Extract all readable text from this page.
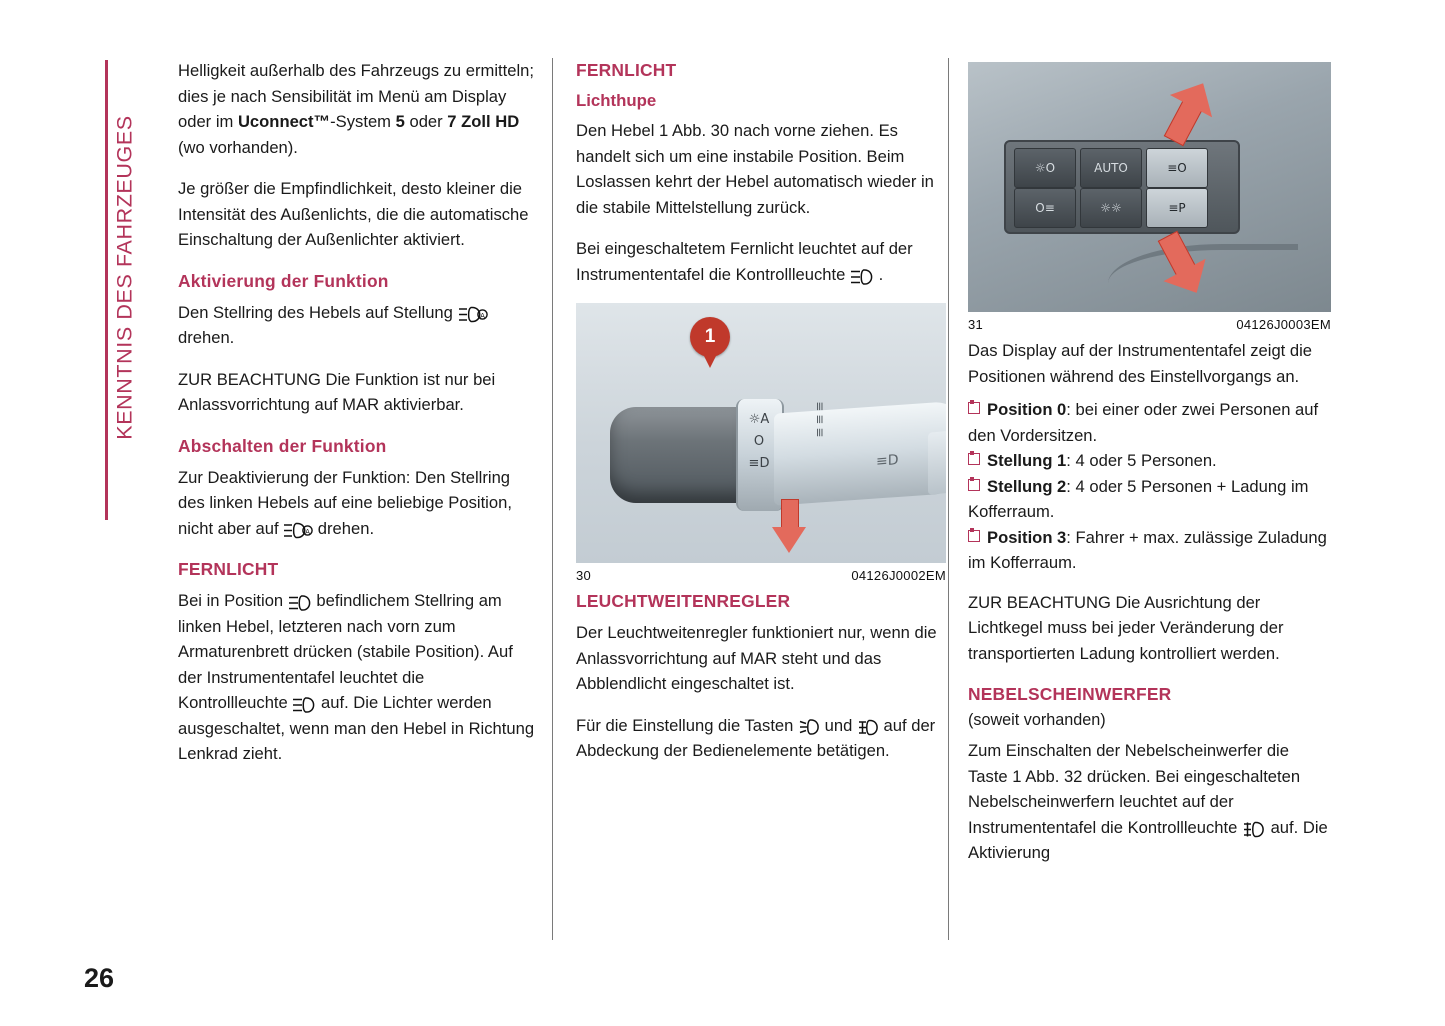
KENNTNIS DES FAHRZEUGES

Helligkeit außerhalb des Fahrzeugs zu ermitteln; dies je nach Sensibilität im Menü am Display oder im Uconnect™-System 5 oder 7 Zoll HD (wo vorhanden).

Je größer die Empfindlichkeit, desto kleiner die Intensität des Außenlichts, die die automatische Einschaltung der Außenlichter aktiviert.

Aktivierung der Funktion

Den Stellring des Hebels auf Stellung	A
drehen.

ZUR BEACHTUNG Die Funktion ist nur bei Anlassvorrichtung auf MAR aktivierbar.

Abschalten der Funktion

Zur Deaktivierung der Funktion: Den Stellring des linken Hebels auf eine beliebige Position, nicht aber auf	A drehen.

FERNLICHT

Bei in Position  befindlichem Stellring am linken Hebel, letzteren nach vorn zum Armaturenbrett drücken (stabile Position). Auf der Instrumententafel leuchtet die Kontrollleuchte  auf. Die Lichter werden ausgeschaltet, wenn man den Hebel in Richtung Lenkrad zieht.

FERNLICHT
Lichthupe

Den Hebel 1 Abb. 30 nach vorne ziehen. Es handelt sich um eine instabile Position. Beim Loslassen kehrt der Hebel automatisch wieder in die stabile Mittelstellung zurück.

Bei eingeschaltetem Fernlicht leuchtet auf der Instrumententafel die Kontrollleuchte  .

☼A
O
≡D
≡≡≡
≡D
1
30	04126J0002EM
LEUCHTWEITENREGLER

Der Leuchtweitenregler funktioniert nur, wenn die Anlassvorrichtung auf MAR steht und das Abblendlicht eingeschaltet ist.

Für die Einstellung die Tasten  und  auf der Abdeckung der Bedienelemente betätigen.

☼O	AUTO	≡O
O≡	☼☼	≡P
31	04126J0003EM

Das Display auf der Instrumententafel zeigt die Positionen während des Einstellvorgangs an.

Position 0: bei einer oder zwei Personen auf den Vordersitzen.
Stellung 1: 4 oder 5 Personen.
Stellung 2: 4 oder 5 Personen + Ladung im Kofferraum.
Position 3: Fahrer + max. zulässige Zuladung im Kofferraum.

ZUR BEACHTUNG Die Ausrichtung der Lichtkegel muss bei jeder Veränderung der transportierten Ladung kontrolliert werden.

NEBELSCHEINWERFER
(soweit vorhanden)

Zum Einschalten der Nebelscheinwerfer die Taste 1 Abb. 32 drücken. Bei eingeschalteten Nebelscheinwerfern leuchtet auf der Instrumententafel die Kontrollleuchte  auf. Die Aktivierung

26
